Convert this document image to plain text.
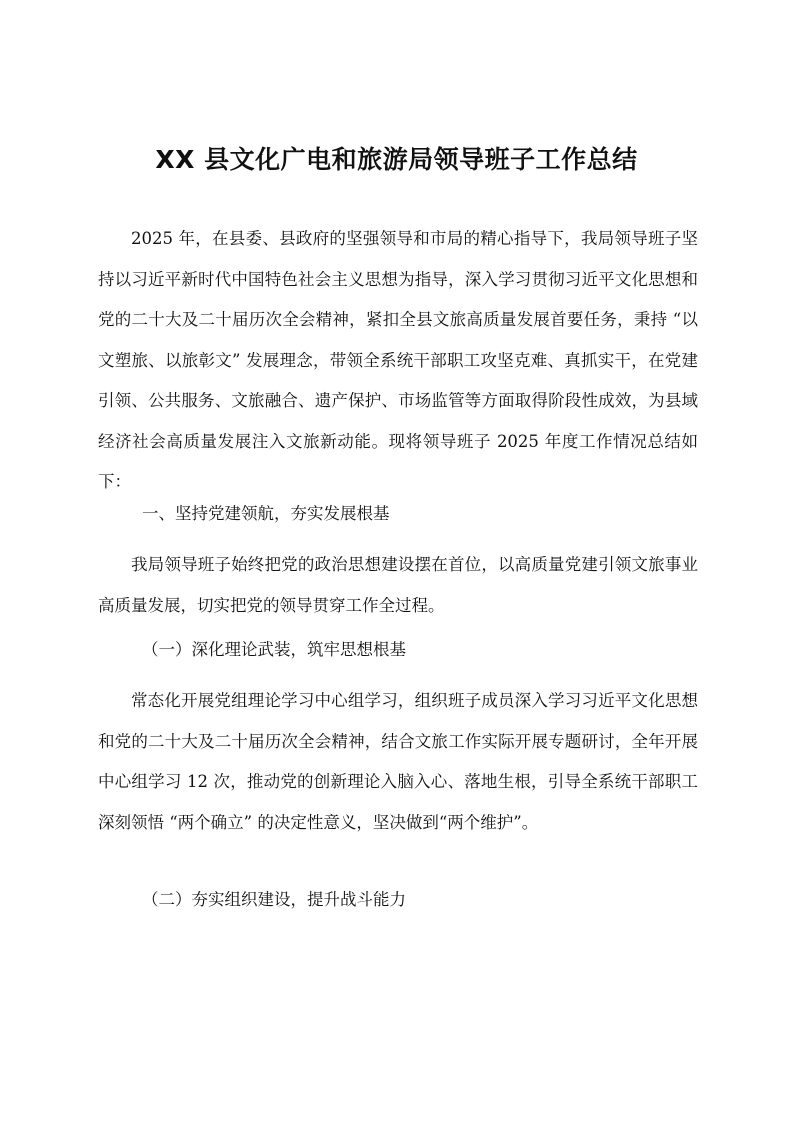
XX 县文化广电和旅游局领导班子工作总结

2025 年，在县委、县政府的坚强领导和市局的精心指导下，我局领导班子坚持以习近平新时代中国特色社会主义思想为指导，深入学习贯彻习近平文化思想和党的二十大及二十届历次全会精神，紧扣全县文旅高质量发展首要任务，秉持 “以文塑旅、以旅彰文” 发展理念，带领全系统干部职工攻坚克难、真抓实干，在党建引领、公共服务、文旅融合、遗产保护、市场监管等方面取得阶段性成效，为县域经济社会高质量发展注入文旅新动能。现将领导班子 2025 年度工作情况总结如下：

一、坚持党建领航，夯实发展根基

我局领导班子始终把党的政治思想建设摆在首位，以高质量党建引领文旅事业高质量发展，切实把党的领导贯穿工作全过程。

（一）深化理论武装，筑牢思想根基

常态化开展党组理论学习中心组学习，组织班子成员深入学习习近平文化思想和党的二十大及二十届历次全会精神，结合文旅工作实际开展专题研讨，全年开展中心组学习 12 次，推动党的创新理论入脑入心、落地生根，引导全系统干部职工深刻领悟 “两个确立” 的决定性意义，坚决做到“两个维护”。

（二）夯实组织建设，提升战斗能力
